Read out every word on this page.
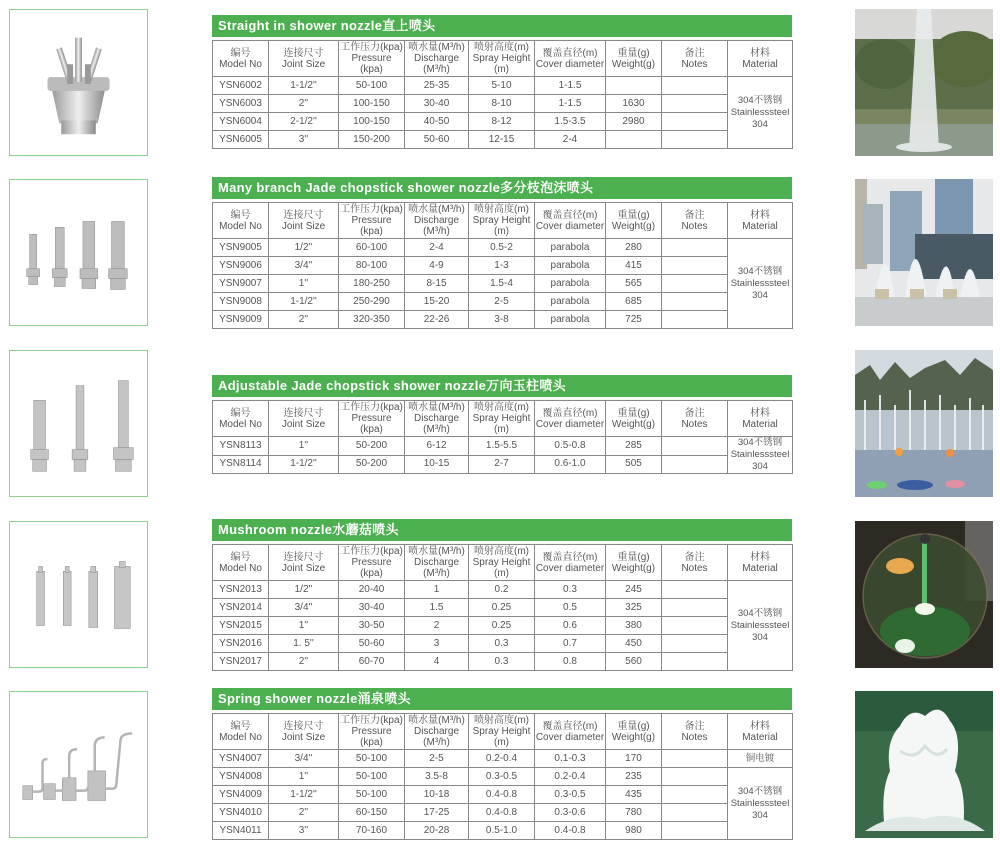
Straight in shower nozzle直上喷头
编号
Model No	连接尺寸
Joint Size	工作压力(kpa)
Pressure
(kpa)	喷水量(M³/h)
Discharge
(M³/h)	喷射高度(m)
Spray Height
(m)	覆盖直径(m)
Cover diameter	重量(g)
Weight(g)	备注
Notes	材料
Material
YSN6002	1-1/2''	50-100	25-35	5-10	1-1.5			304不锈钢
Stainlesssteel
304
YSN6003	2''	100-150	30-40	8-10	1-1.5	1630		
YSN6004	2-1/2''	100-150	40-50	8-12	1.5-3.5	2980		
YSN6005	3''	150-200	50-60	12-15	2-4			
Many branch Jade chopstick shower nozzle多分枝泡沫喷头
编号
Model No	连接尺寸
Joint Size	工作压力(kpa)
Pressure
(kpa)	喷水量(M³/h)
Discharge
(M³/h)	喷射高度(m)
Spray Height
(m)	覆盖直径(m)
Cover diameter	重量(g)
Weight(g)	备注
Notes	材料
Material
YSN9005	1/2''	60-100	2-4	0.5-2	parabola	280		304不锈钢
Stainlesssteel
304
YSN9006	3/4''	80-100	4-9	1-3	parabola	415		
YSN9007	1''	180-250	8-15	1.5-4	parabola	565		
YSN9008	1-1/2''	250-290	15-20	2-5	parabola	685		
YSN9009	2''	320-350	22-26	3-8	parabola	725		
Adjustable Jade chopstick shower nozzle万向玉柱喷头
编号
Model No	连接尺寸
Joint Size	工作压力(kpa)
Pressure
(kpa)	喷水量(M³/h)
Discharge
(M³/h)	喷射高度(m)
Spray Height
(m)	覆盖直径(m)
Cover diameter	重量(g)
Weight(g)	备注
Notes	材料
Material
YSN8113	1''	50-200	6-12	1.5-5.5	0.5-0.8	285		304不锈钢
Stainlesssteel
304
YSN8114	1-1/2''	50-200	10-15	2-7	0.6-1.0	505		
Mushroom nozzle水蘑菇喷头
编号
Model No	连接尺寸
Joint Size	工作压力(kpa)
Pressure
(kpa)	喷水量(M³/h)
Discharge
(M³/h)	喷射高度(m)
Spray Height
(m)	覆盖直径(m)
Cover diameter	重量(g)
Weight(g)	备注
Notes	材料
Material
YSN2013	1/2''	20-40	1	0.2	0.3	245		304不锈钢
Stainlesssteel
304
YSN2014	3/4''	30-40	1.5	0.25	0.5	325		
YSN2015	1''	30-50	2	0.25	0.6	380		
YSN2016	1. 5''	50-60	3	0.3	0.7	450		
YSN2017	2''	60-70	4	0.3	0.8	560		
Spring shower nozzle涌泉喷头
编号
Model No	连接尺寸
Joint Size	工作压力(kpa)
Pressure
(kpa)	喷水量(M³/h)
Discharge
(M³/h)	喷射高度(m)
Spray Height
(m)	覆盖直径(m)
Cover diameter	重量(g)
Weight(g)	备注
Notes	材料
Material
YSN4007	3/4''	50-100	2-5	0.2-0.4	0.1-0.3	170		铜电镀
YSN4008	1''	50-100	3.5-8	0.3-0.5	0.2-0.4	235		304不锈钢
Stainlesssteel
304
YSN4009	1-1/2''	50-100	10-18	0.4-0.8	0.3-0.5	435		
YSN4010	2''	60-150	17-25	0.4-0.8	0.3-0.6	780		
YSN4011	3''	70-160	20-28	0.5-1.0	0.4-0.8	980		
